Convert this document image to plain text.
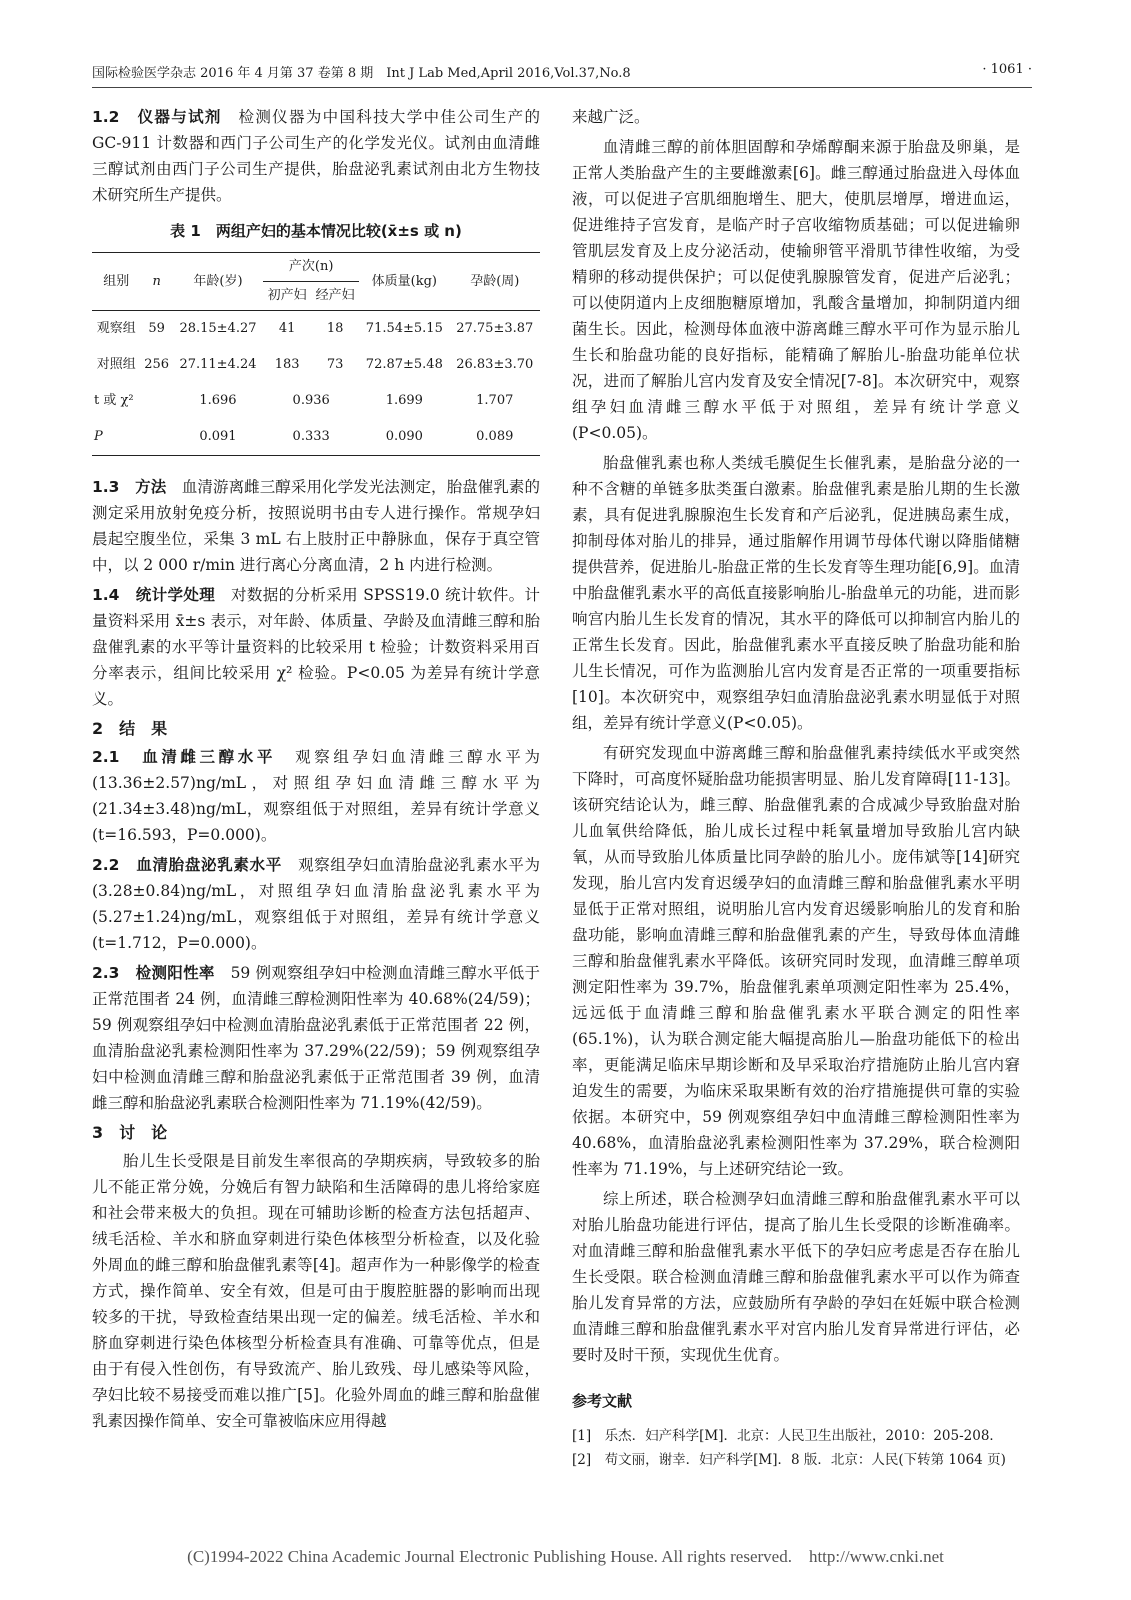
国际检验医学杂志 2016 年 4 月第 37 卷第 8 期　Int J Lab Med,April 2016,Vol.37,No.8	· 1061 ·

1.2　 仪器与试剂　 检测仪器为中国科技大学中佳公司生产的 GC-911 计数器和西门子公司生产的化学发光仪。试剂由血清雌三醇试剂由西门子公司生产提供，胎盘泌乳素试剂由北方生物技术研究所生产提供。

表 1　两组产妇的基本情况比较(x̄±s 或 n)
组别	n	年龄(岁)	产次(n)		体质量(kg)	孕龄(周)
			初产妇	经产妇		
观察组	59	28.15±4.27	41	18	71.54±5.15	27.75±3.87
对照组	256	27.11±4.24	183	73	72.87±5.48	26.83±3.70
t 或 χ²		1.696	0.936		1.699	1.707
P		0.091	0.333		0.090	0.089

1.3　 方法　 血清游离雌三醇采用化学发光法测定，胎盘催乳素的测定采用放射免疫分析，按照说明书由专人进行操作。常规孕妇晨起空腹坐位，采集 3 mL 右上肢肘正中静脉血，保存于真空管中，以 2 000 r/min 进行离心分离血清，2 h 内进行检测。

1.4　 统计学处理　 对数据的分析采用 SPSS19.0 统计软件。计量资料采用 x̄±s 表示，对年龄、体质量、孕龄及血清雌三醇和胎盘催乳素的水平等计量资料的比较采用 t 检验；计数资料采用百分率表示，组间比较采用 χ² 检验。P<0.05 为差异有统计学意义。

2　结　果

2.1　 血清雌三醇水平　 观察组孕妇血清雌三醇水平为(13.36±2.57)ng/mL，对照组孕妇血清雌三醇水平为(21.34±3.48)ng/mL，观察组低于对照组，差异有统计学意义(t=16.593，P=0.000)。

2.2　 血清胎盘泌乳素水平　 观察组孕妇血清胎盘泌乳素水平为(3.28±0.84)ng/mL，对照组孕妇血清胎盘泌乳素水平为(5.27±1.24)ng/mL，观察组低于对照组，差异有统计学意义(t=1.712，P=0.000)。

2.3　 检测阳性率　 59 例观察组孕妇中检测血清雌三醇水平低于正常范围者 24 例，血清雌三醇检测阳性率为 40.68%(24/59)；59 例观察组孕妇中检测血清胎盘泌乳素低于正常范围者 22 例，血清胎盘泌乳素检测阳性率为 37.29%(22/59)；59 例观察组孕妇中检测血清雌三醇和胎盘泌乳素低于正常范围者 39 例，血清雌三醇和胎盘泌乳素联合检测阳性率为 71.19%(42/59)。

3　讨　论

胎儿生长受限是目前发生率很高的孕期疾病，导致较多的胎儿不能正常分娩，分娩后有智力缺陷和生活障碍的患儿将给家庭和社会带来极大的负担。现在可辅助诊断的检查方法包括超声、绒毛活检、羊水和脐血穿刺进行染色体核型分析检查，以及化验外周血的雌三醇和胎盘催乳素等[4]。超声作为一种影像学的检查方式，操作简单、安全有效，但是可由于腹腔脏器的影响而出现较多的干扰，导致检查结果出现一定的偏差。绒毛活检、羊水和脐血穿刺进行染色体核型分析检查具有准确、可靠等优点，但是由于有侵入性创伤，有导致流产、胎儿致残、母儿感染等风险，孕妇比较不易接受而难以推广[5]。化验外周血的雌三醇和胎盘催乳素因操作简单、安全可靠被临床应用得越

来越广泛。

血清雌三醇的前体胆固醇和孕烯醇酮来源于胎盘及卵巢，是正常人类胎盘产生的主要雌激素[6]。雌三醇通过胎盘进入母体血液，可以促进子宫肌细胞增生、肥大，使肌层增厚，增进血运，促进维持子宫发育，是临产时子宫收缩物质基础；可以促进输卵管肌层发育及上皮分泌活动，使输卵管平滑肌节律性收缩，为受精卵的移动提供保护；可以促使乳腺腺管发育，促进产后泌乳；可以使阴道内上皮细胞糖原增加，乳酸含量增加，抑制阴道内细菌生长。因此，检测母体血液中游离雌三醇水平可作为显示胎儿生长和胎盘功能的良好指标，能精确了解胎儿-胎盘功能单位状况，进而了解胎儿宫内发育及安全情况[7-8]。本次研究中，观察组孕妇血清雌三醇水平低于对照组，差异有统计学意义(P<0.05)。

胎盘催乳素也称人类绒毛膜促生长催乳素，是胎盘分泌的一种不含糖的单链多肽类蛋白激素。胎盘催乳素是胎儿期的生长激素，具有促进乳腺腺泡生长发育和产后泌乳，促进胰岛素生成，抑制母体对胎儿的排异，通过脂解作用调节母体代谢以降脂储糖提供营养，促进胎儿-胎盘正常的生长发育等生理功能[6,9]。血清中胎盘催乳素水平的高低直接影响胎儿-胎盘单元的功能，进而影响宫内胎儿生长发育的情况，其水平的降低可以抑制宫内胎儿的正常生长发育。因此，胎盘催乳素水平直接反映了胎盘功能和胎儿生长情况，可作为监测胎儿宫内发育是否正常的一项重要指标[10]。本次研究中，观察组孕妇血清胎盘泌乳素水明显低于对照组，差异有统计学意义(P<0.05)。

有研究发现血中游离雌三醇和胎盘催乳素持续低水平或突然下降时，可高度怀疑胎盘功能损害明显、胎儿发育障碍[11-13]。该研究结论认为，雌三醇、胎盘催乳素的合成减少导致胎盘对胎儿血氧供给降低，胎儿成长过程中耗氧量增加导致胎儿宫内缺氧，从而导致胎儿体质量比同孕龄的胎儿小。庞伟斌等[14]研究发现，胎儿宫内发育迟缓孕妇的血清雌三醇和胎盘催乳素水平明显低于正常对照组，说明胎儿宫内发育迟缓影响胎儿的发育和胎盘功能，影响血清雌三醇和胎盘催乳素的产生，导致母体血清雌三醇和胎盘催乳素水平降低。该研究同时发现，血清雌三醇单项测定阳性率为 39.7%，胎盘催乳素单项测定阳性率为 25.4%，远远低于血清雌三醇和胎盘催乳素水平联合测定的阳性率(65.1%)，认为联合测定能大幅提高胎儿—胎盘功能低下的检出率，更能满足临床早期诊断和及早采取治疗措施防止胎儿宫内窘迫发生的需要，为临床采取果断有效的治疗措施提供可靠的实验依据。本研究中，59 例观察组孕妇中血清雌三醇检测阳性率为 40.68%，血清胎盘泌乳素检测阳性率为 37.29%，联合检测阳性率为 71.19%，与上述研究结论一致。

综上所述，联合检测孕妇血清雌三醇和胎盘催乳素水平可以对胎儿胎盘功能进行评估，提高了胎儿生长受限的诊断准确率。对血清雌三醇和胎盘催乳素水平低下的孕妇应考虑是否存在胎儿生长受限。联合检测血清雌三醇和胎盘催乳素水平可以作为筛查胎儿发育异常的方法，应鼓励所有孕龄的孕妇在妊娠中联合检测血清雌三醇和胎盘催乳素水平对宫内胎儿发育异常进行评估，必要时及时干预，实现优生优育。

参考文献

[1]　乐杰．妇产科学[M]．北京：人民卫生出版社，2010：205-208．

[2]　苟文丽，谢幸．妇产科学[M]．8 版．北京：人民(下转第 1064 页)

(C)1994-2022 China Academic Journal Electronic Publishing House. All rights reserved.　http://www.cnki.net
